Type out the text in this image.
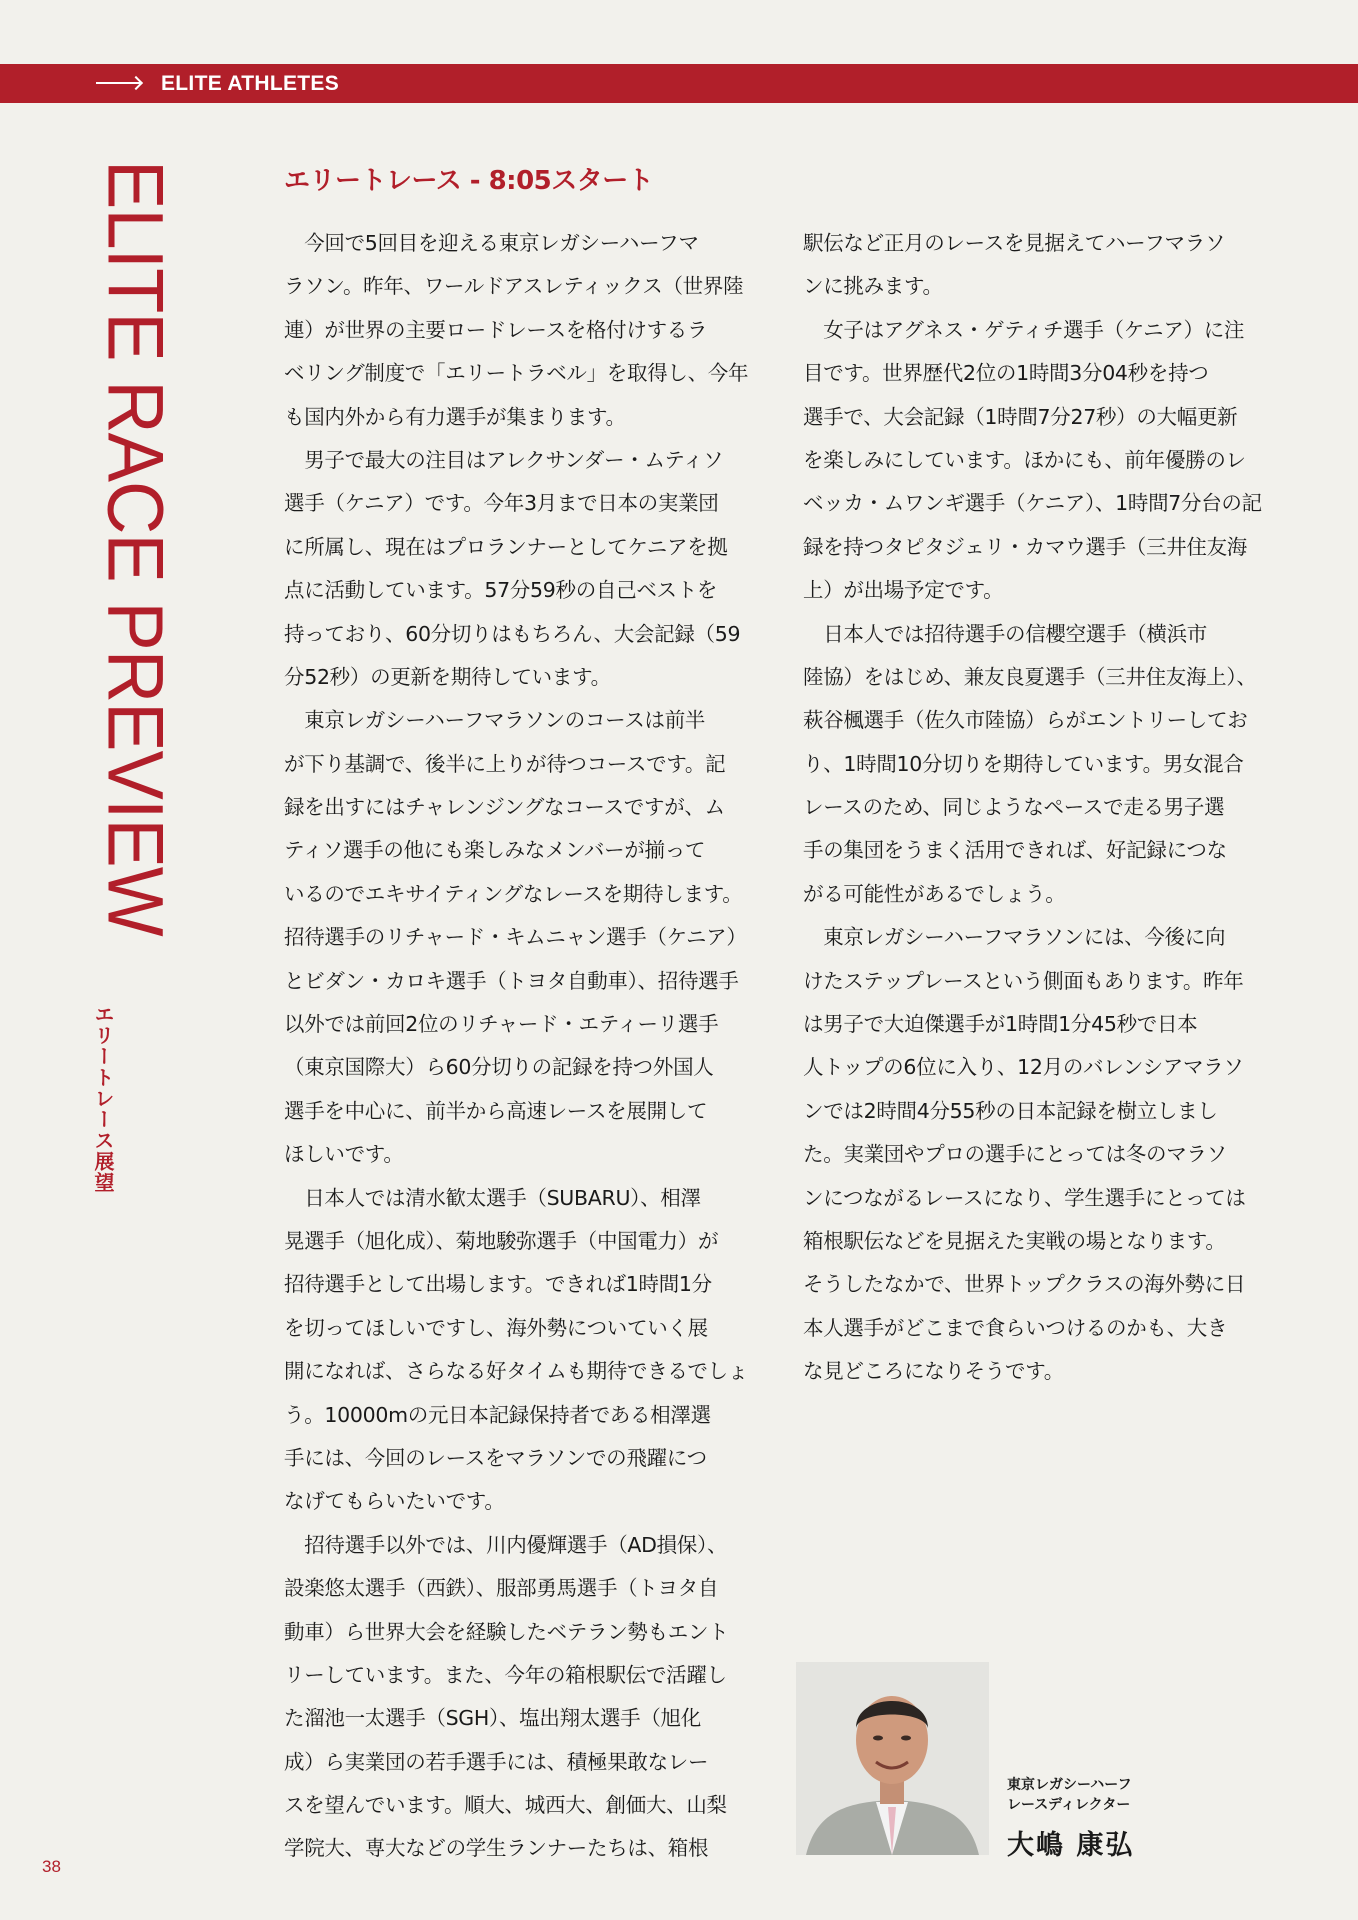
ELITE ATHLETES
ELITE RACE PREVIEW
エリートレース展望
エリートレース - 8:05スタート
　今回で5回目を迎える東京レガシーハーフマ
ラソン。昨年、ワールドアスレティックス（世界陸
連）が世界の主要ロードレースを格付けするラ
ベリング制度で「エリートラベル」を取得し、今年
も国内外から有力選手が集まります。
　男子で最大の注目はアレクサンダー・ムティソ
選手（ケニア）です。今年3月まで日本の実業団
に所属し、現在はプロランナーとしてケニアを拠
点に活動しています。57分59秒の自己ベストを
持っており、60分切りはもちろん、大会記録（59
分52秒）の更新を期待しています。
　東京レガシーハーフマラソンのコースは前半
が下り基調で、後半に上りが待つコースです。記
録を出すにはチャレンジングなコースですが、ム
ティソ選手の他にも楽しみなメンバーが揃って
いるのでエキサイティングなレースを期待します。
招待選手のリチャード・キムニャン選手（ケニア）
とビダン・カロキ選手（トヨタ自動車）、招待選手
以外では前回2位のリチャード・エティーリ選手
（東京国際大）ら60分切りの記録を持つ外国人
選手を中心に、前半から高速レースを展開して
ほしいです。
　日本人では清水歓太選手（SUBARU）、相澤
晃選手（旭化成）、菊地駿弥選手（中国電力）が
招待選手として出場します。できれば1時間1分
を切ってほしいですし、海外勢についていく展
開になれば、さらなる好タイムも期待できるでしょ
う。10000mの元日本記録保持者である相澤選
手には、今回のレースをマラソンでの飛躍につ
なげてもらいたいです。
　招待選手以外では、川内優輝選手（AD損保）、
設楽悠太選手（西鉄）、服部勇馬選手（トヨタ自
動車）ら世界大会を経験したベテラン勢もエント
リーしています。また、今年の箱根駅伝で活躍し
た溜池一太選手（SGH）、塩出翔太選手（旭化
成）ら実業団の若手選手には、積極果敢なレー
スを望んでいます。順大、城西大、創価大、山梨
学院大、専大などの学生ランナーたちは、箱根
駅伝など正月のレースを見据えてハーフマラソ
ンに挑みます。
　女子はアグネス・ゲティチ選手（ケニア）に注
目です。世界歴代2位の1時間3分04秒を持つ
選手で、大会記録（1時間7分27秒）の大幅更新
を楽しみにしています。ほかにも、前年優勝のレ
ベッカ・ムワンギ選手（ケニア）、1時間7分台の記
録を持つタピタジェリ・カマウ選手（三井住友海
上）が出場予定です。
　日本人では招待選手の信櫻空選手（横浜市
陸協）をはじめ、兼友良夏選手（三井住友海上）、
萩谷楓選手（佐久市陸協）らがエントリーしてお
り、1時間10分切りを期待しています。男女混合
レースのため、同じようなペースで走る男子選
手の集団をうまく活用できれば、好記録につな
がる可能性があるでしょう。
　東京レガシーハーフマラソンには、今後に向
けたステップレースという側面もあります。昨年
は男子で大迫傑選手が1時間1分45秒で日本
人トップの6位に入り、12月のバレンシアマラソ
ンでは2時間4分55秒の日本記録を樹立しまし
た。実業団やプロの選手にとっては冬のマラソ
ンにつながるレースになり、学生選手にとっては
箱根駅伝などを見据えた実戦の場となります。
そうしたなかで、世界トップクラスの海外勢に日
本人選手がどこまで食らいつけるのかも、大き
な見どころになりそうです。
東京レガシーハーフ
レースディレクター
大嶋 康弘
38
